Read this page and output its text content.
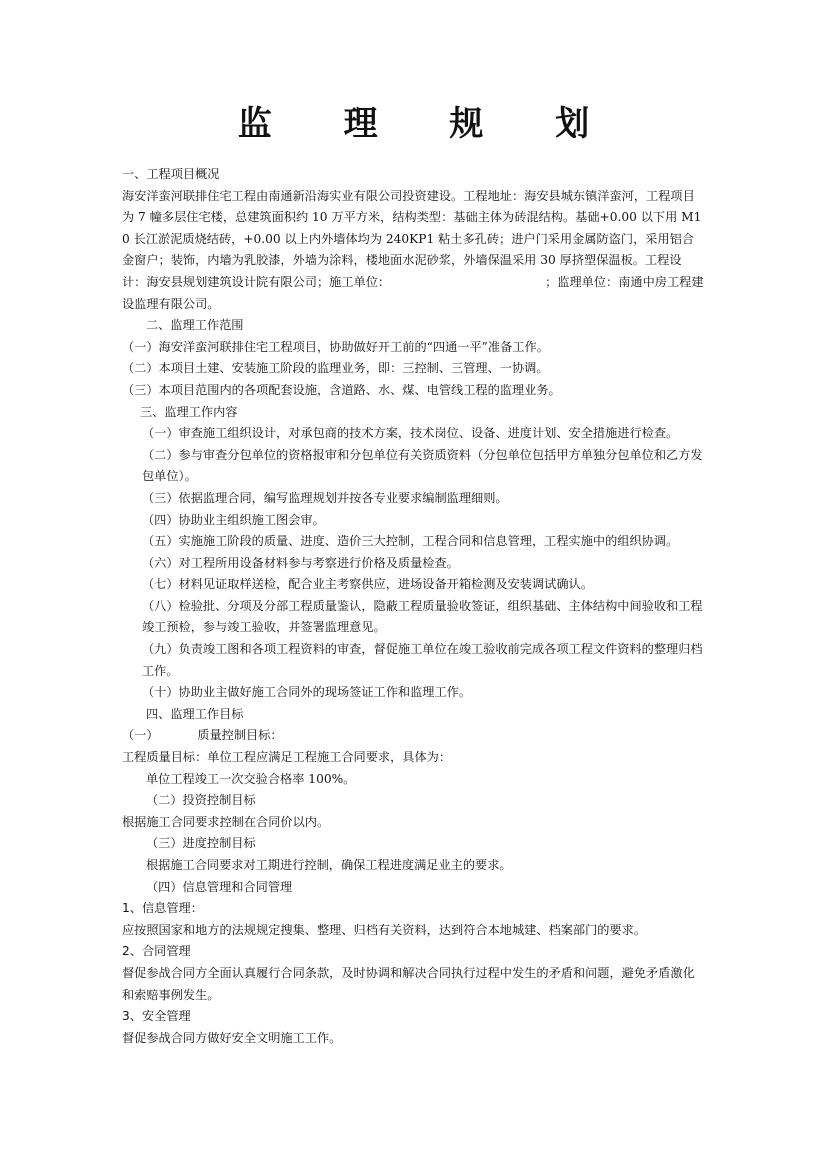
监 理 规 划

一、工程项目概况

海安洋蛮河联排住宅工程由南通新沿海实业有限公司投资建设。工程地址：海安县城东镇洋蛮河，工程项目为 7 幢多层住宅楼，总建筑面积约 10 万平方米，结构类型：基础主体为砖混结构。基础+0.00 以下用 M10 长江淤泥质烧结砖，+0.00 以上内外墙体均为 240KP1 粘土多孔砖；进户门采用金属防盗门，采用铝合金窗户；装饰，内墙为乳胶漆，外墙为涂料，楼地面水泥砂浆，外墙保温采用 30 厚挤塑保温板。工程设计：海安县规划建筑设计院有限公司；施工单位：                                        ；监理单位：南通中房工程建设监理有限公司。

二、监理工作范围

（一）海安洋蛮河联排住宅工程项目，协助做好开工前的“四通一平”准备工作。

（二）本项目土建、安装施工阶段的监理业务，即：三控制、三管理、一协调。

（三）本项目范围内的各项配套设施，含道路、水、煤、电管线工程的监理业务。

三、监理工作内容

（一）审查施工组织设计，对承包商的技术方案，技术岗位、设备、进度计划、安全措施进行检查。

（二）参与审查分包单位的资格报审和分包单位有关资质资料（分包单位包括甲方单独分包单位和乙方发包单位）。

（三）依据监理合同，编写监理规划并按各专业要求编制监理细则。

（四）协助业主组织施工图会审。

（五）实施施工阶段的质量、进度、造价三大控制，工程合同和信息管理，工程实施中的组织协调。

（六）对工程所用设备材料参与考察进行价格及质量检查。

（七）材料见证取样送检，配合业主考察供应，进场设备开箱检测及安装调试确认。

（八）检验批、分项及分部工程质量鉴认，隐蔽工程质量验收签证，组织基础、主体结构中间验收和工程竣工预检，参与竣工验收，并签署监理意见。

（九）负责竣工图和各项工程资料的审查，督促施工单位在竣工验收前完成各项工程文件资料的整理归档工作。

（十）协助业主做好施工合同外的现场签证工作和监理工作。

四、监理工作目标

（一）          质量控制目标：

工程质量目标：单位工程应满足工程施工合同要求，具体为：

单位工程竣工一次交验合格率 100%。

（二）投资控制目标

根据施工合同要求控制在合同价以内。

（三）进度控制目标

根据施工合同要求对工期进行控制，确保工程进度满足业主的要求。

（四）信息管理和合同管理

1、信息管理：

应按照国家和地方的法规规定搜集、整理、归档有关资料，达到符合本地城建、档案部门的要求。

2、合同管理

督促参战合同方全面认真履行合同条款，及时协调和解决合同执行过程中发生的矛盾和问题，避免矛盾激化和索赔事例发生。

3、安全管理

督促参战合同方做好安全文明施工工作。
